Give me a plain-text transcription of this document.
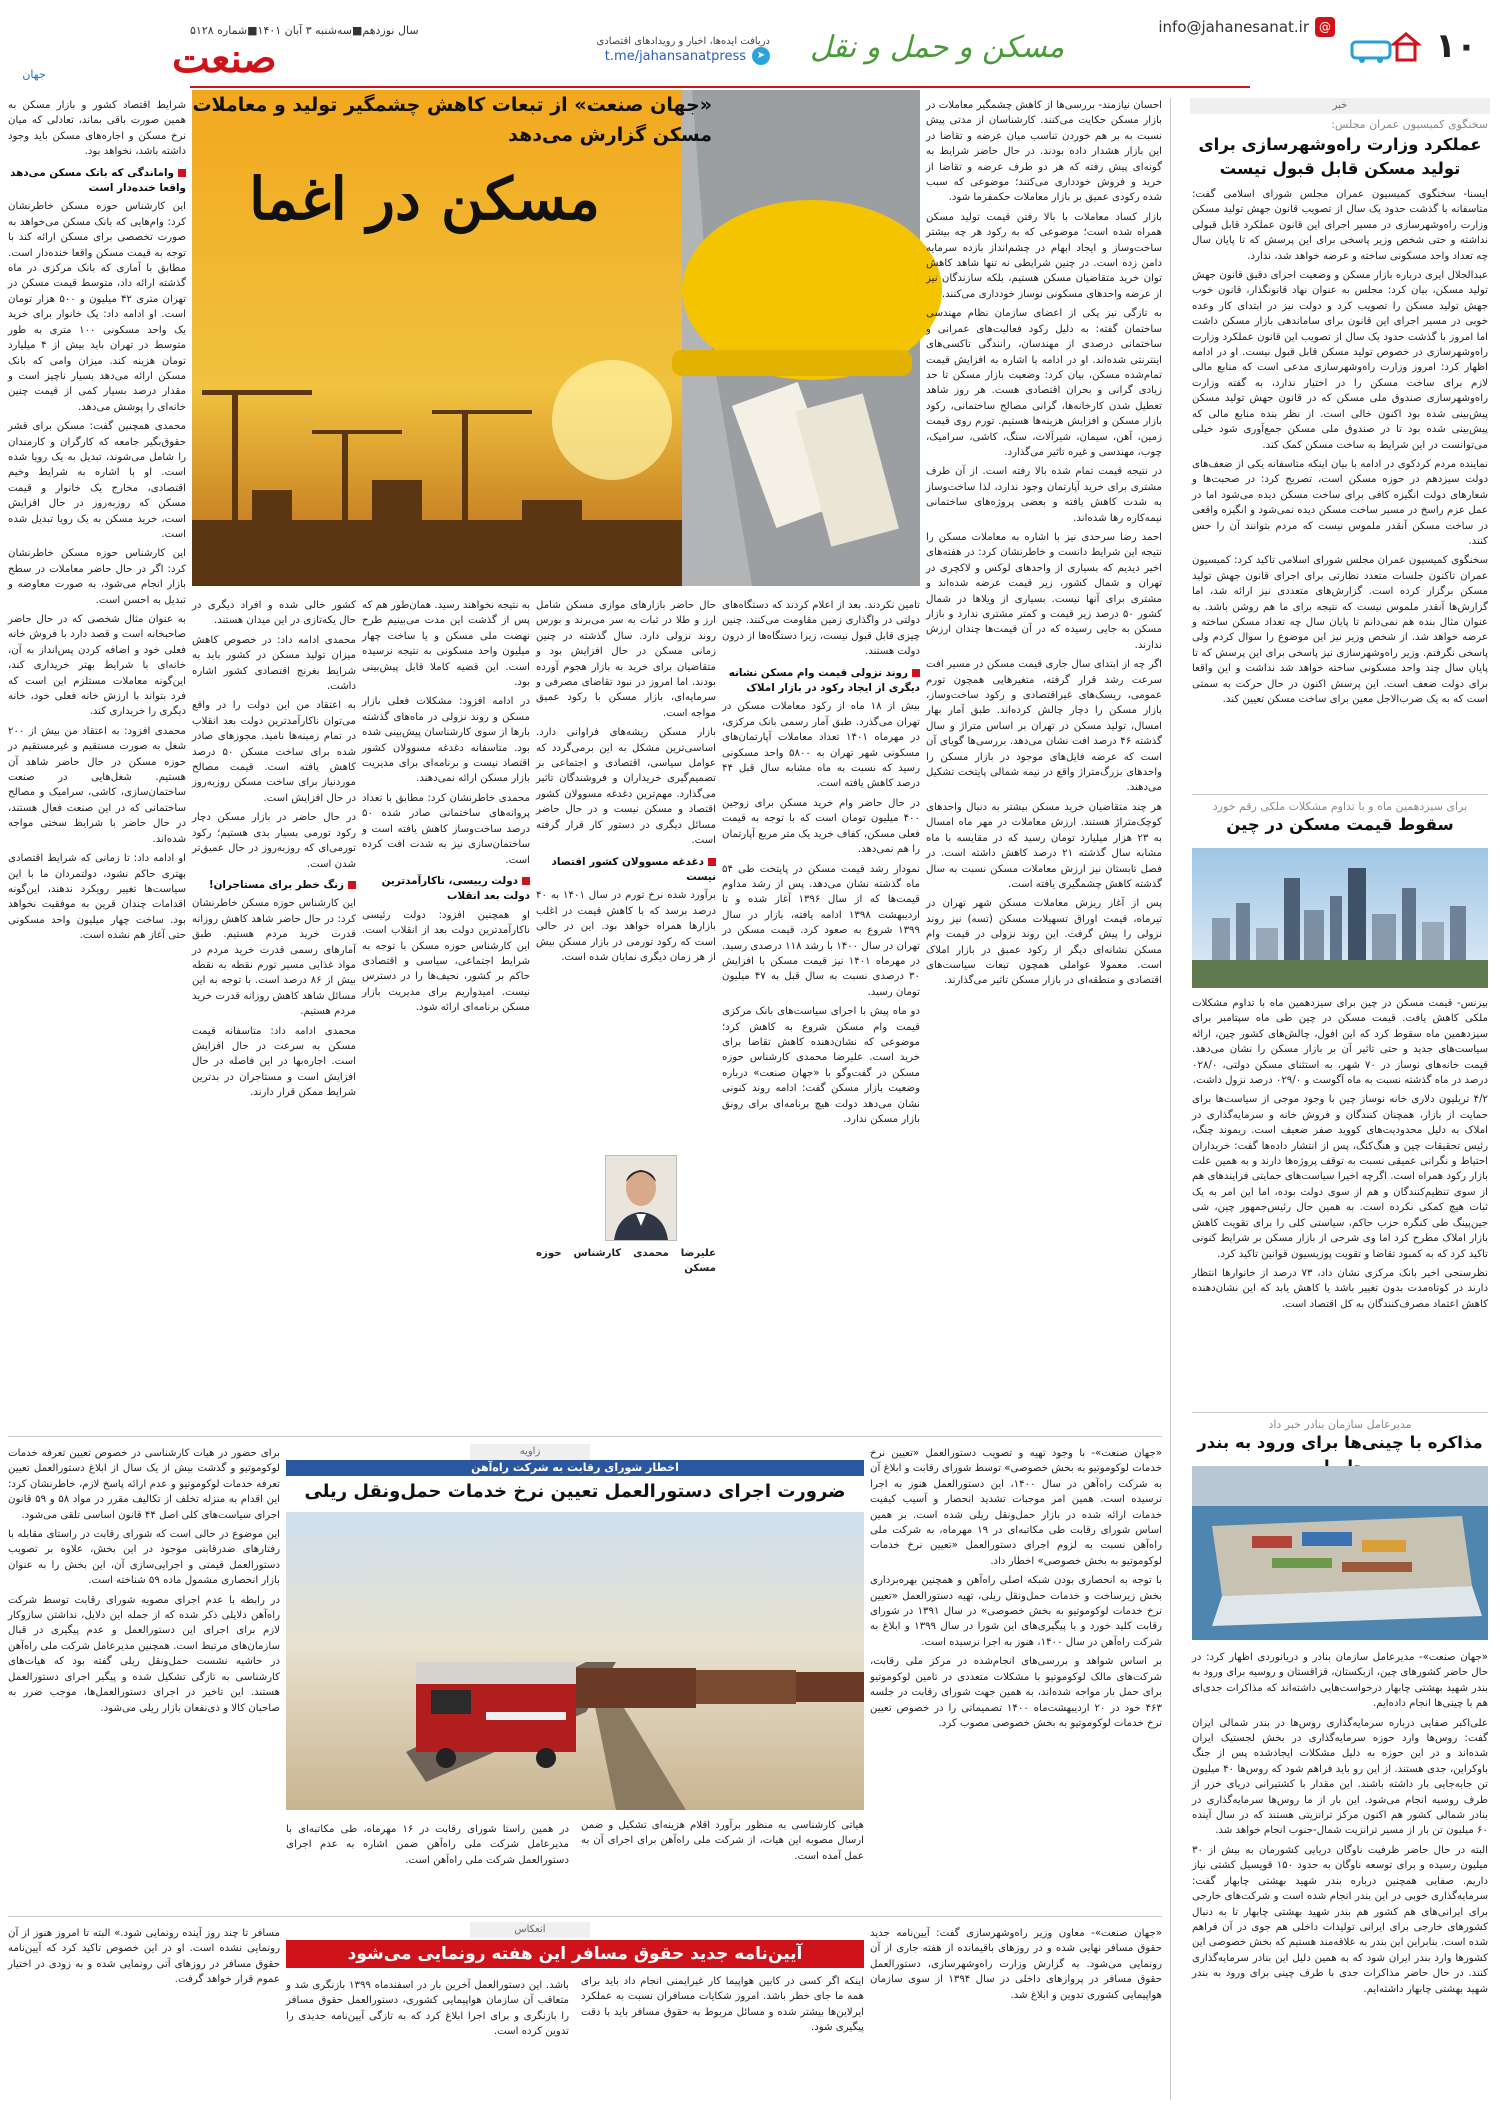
۱۰
info@jahanesanat.ir @
مسکن و حمل و نقل
دریافت ایده‌ها، اخبار و رویدادهای اقتصادی
t.me/jahansanatpress	➤
سال نوزدهم■سه‌شنبه ۳ آبان ۱۴۰۱■شماره ۵۱۲۸
صنعت
جهان
خبر
سخنگوی کمیسیون عمران مجلس:
عملکرد وزارت راه‌وشهرسازی برای تولید مسکن قابل قبول نیست
ایسنا- سخنگوی کمیسیون عمران مجلس شورای اسلامی گفت: متاسفانه با گذشت حدود یک سال از تصویب قانون جهش تولید مسکن وزارت راه‌وشهرسازی در مسیر اجرای این قانون عملکرد قابل قبولی نداشته و حتی شخص وزیر پاسخی برای این پرسش که تا پایان سال چه تعداد واحد مسکونی ساخته و عرضه خواهد شد، ندارد.
عبدالجلال ایری درباره بازار مسکن و وضعیت اجرای دقیق قانون جهش تولید مسکن، بیان کرد: مجلس به عنوان نهاد قانونگذار، قانون خوب جهش تولید مسکن را تصویب کرد و دولت نیز در ابتدای کار وعده خوبی در مسیر اجرای این قانون برای ساماندهی بازار مسکن داشت اما امروز با گذشت حدود یک سال از تصویب این قانون عملکرد وزارت راه‌وشهرسازی در خصوص تولید مسکن قابل قبول نیست. او در ادامه اظهار کرد: امروز وزارت راه‌وشهرسازی مدعی است که منابع مالی لازم برای ساخت مسکن را در اختیار ندارد، به گفته وزارت راه‌وشهرسازی صندوق ملی مسکن که در قانون جهش تولید مسکن پیش‌بینی شده بود اکنون خالی است. از نظر بنده منابع مالی که پیش‌بینی شده بود تا در صندوق ملی مسکن جمع‌آوری شود خیلی می‌توانست در این شرایط به ساخت مسکن کمک کند.
نماینده مردم کردکوی در ادامه با بیان اینکه متاسفانه یکی از ضعف‌های دولت سیزدهم در حوزه مسکن است، تصریح کرد: در صحبت‌ها و شعارهای دولت انگیزه کافی برای ساخت مسکن دیده می‌شود اما در عمل عزم راسخ در مسیر ساخت مسکن دیده نمی‌شود و انگیزه واقعی در ساخت مسکن آنقدر ملموس نیست که مردم بتوانند آن را حس کنند.
سخنگوی کمیسیون عمران مجلس شورای اسلامی تاکید کرد: کمیسیون عمران تاکنون جلسات متعدد نظارتی برای اجرای قانون جهش تولید مسکن برگزار کرده است. گزارش‌های متعددی نیز ارائه شد، اما گزارش‌ها آنقدر ملموس نیست که نتیجه برای ما هم روشن باشد. به عنوان مثال بنده هم نمی‌دانم تا پایان سال چه تعداد مسکن ساخته و عرضه خواهد شد. از شخص وزیر نیز این موضوع را سوال کردم ولی پاسخی نگرفتم. وزیر راه‌وشهرسازی نیز پاسخی برای این پرسش که تا پایان سال چند واحد مسکونی ساخته خواهد شد نداشت و این واقعا برای دولت ضعف است. این پرسش اکنون در حال حرکت به سمتی است که به یک ضرب‌الاجل معین برای ساخت مسکن تعیین کند.
برای سیزدهمین ماه و با تداوم مشکلات ملکی رقم خورد
سقوط قیمت مسکن در چین
بیزنس- قیمت مسکن در چین برای سیزدهمین ماه با تداوم مشکلات ملکی کاهش یافت. قیمت مسکن در چین طی ماه سپتامبر برای سیزدهمین ماه سقوط کرد که این افول، چالش‌های کشور چین، ارائه سیاست‌های جدید و حتی تاثیر آن بر بازار مسکن را نشان می‌دهد. قیمت خانه‌های نوساز در ۷۰ شهر، به استثنای مسکن دولتی، ۰۲۸/۰ درصد در ماه گذشته نسبت به ماه آگوست و ۰۲۹/۰ درصد نزول داشت.
۴/۲ تریلیون دلاری خانه نوساز چین با وجود موجی از سیاست‌ها برای حمایت از بازار، همچنان کنندگان و فروش خانه و سرمایه‌گذاری در املاک به دلیل محدودیت‌های کووید صفر ضعیف است. ریموند چنگ، رئیس تحقیقات چین و هنگ‌کنگ، پس از انتشار داده‌ها گفت: خریداران احتیاط و نگرانی عمیقی نسبت به توقف پروژه‌ها دارند و به همین علت بازار رکود همراه است. اگرچه اخیرا سیاست‌های حمایتی فرایندهای هم از سوی تنظیم‌کنندگان و هم از سوی دولت بوده، اما این امر به یک ثبات هیچ کمکی نکرده است. به همین حال رئیس‌جمهور چین، شی جین‌پینگ طی کنگره حزب حاکم، سیاستی کلی را برای تقویت کاهش بازار املاک مطرح کرد اما وی شرحی از بازار مسکن بر شرایط کنونی تاکید کرد که به کمبود تقاضا و تقویت پوزیسیون قوانین تاکید کرد.
نظرسنجی اخیر بانک مرکزی نشان داد، ۷۳ درصد از خانوارها انتظار دارند در کوتاه‌مدت بدون تغییر باشد یا کاهش یابد که این نشان‌دهنده کاهش اعتماد مصرف‌کنندگان به کل اقتصاد است.
مدیرعامل سازمان بنادر خبر داد
مذاکره با چینی‌ها برای ورود به بندر
«جهان صنعت»- مدیرعامل سازمان بنادر و دریانوردی اظهار کرد: در حال حاضر کشورهای چین، ازبکستان، قزاقستان و روسیه برای ورود به بندر شهید بهشتی چابهار درخواست‌هایی داشته‌اند که مذاکرات جدی‌ای هم با چینی‌ها انجام داده‌ایم.
علی‌اکبر صفایی درباره سرمایه‌گذاری روس‌ها در بندر شمالی ایران گفت: روس‌ها وارد حوزه سرمایه‌گذاری در بخش لجستیک ایران شده‌اند و در این حوزه به دلیل مشکلات ایجادشده پس از جنگ باوکراین، جدی هستند. از این رو باید فراهم شود که روس‌ها ۴۰ میلیون تن جابه‌جایی بار داشته باشند. این مقدار با کشتیرانی دریای خزر از طرف روسیه انجام می‌شود. این بار از ما روس‌ها سرمایه‌گذاری در بنادر شمالی کشور هم اکنون مرکز ترانزیتی هستند که در سال آینده ۶۰ میلیون تن بار از مسیر ترانزیت شمال-جنوب انجام خواهد شد.
البته در حال حاضر ظرفیت ناوگان دریایی کشورمان به بیش از ۳۰ میلیون رسیده و برای توسعه ناوگان به حدود ۱۵۰ قویسیل کشتی نیاز داریم. صفایی همچنین درباره بندر شهید بهشتی چابهار گفت: سرمایه‌گذاری خوبی در این بندر انجام شده است و شرکت‌های خارجی برای ایرانی‌های هم کشور هم بندر شهید بهشتی چابهار تا به دنبال کشورهای خارجی برای ایرانی تولیدات داخلی هم جوی در آن فراهم شده است. بنابراین این بندر به علاقه‌مند هستیم که بخش خصوصی این کشورها وارد بندر ایران شود که به همین دلیل این بنادر سرمایه‌گذاری کنند. در حال حاضر مذاکرات جدی با طرف چینی برای ورود به بندر شهید بهشتی چابهار داشته‌ایم.
«جهان صنعت» از تبعات کاهش چشمگیر تولید و معاملات مسکن گزارش می‌دهد
مسکن در اغما
احسان نیازمند- بررسی‌ها از کاهش چشمگیر معاملات در بازار مسکن حکایت می‌کنند. کارشناسان از مدتی پیش نسبت به بر هم خوردن تناسب میان عرضه و تقاضا در این بازار هشدار داده بودند. در حال حاضر شرایط به گونه‌ای پیش رفته که هر دو طرف عرضه و تقاضا از خرید و فروش خودداری می‌کنند؛ موضوعی که سبب شده رکودی عمیق بر بازار معاملات حکمفرما شود.
بازار کساد معاملات با بالا رفتن قیمت تولید مسکن همراه شده است؛ موضوعی که به رکود هر چه بیشتر ساخت‌وساز و ایجاد ابهام در چشم‌انداز بازده سرمایه دامن زده است. در چنین شرایطی نه تنها شاهد کاهش توان خرید متقاضیان مسکن هستیم، بلکه سازندگان نیز از عرضه واحدهای مسکونی نوساز خودداری می‌کنند.
به تازگی نیز یکی از اعضای سازمان نظام مهندسی ساختمان گفته: به دلیل رکود فعالیت‌های عمرانی و ساختمانی درصدی از مهندسان، رانندگی تاکسی‌های اینترنتی شده‌اند. او در ادامه با اشاره به افزایش قیمت تمام‌شده مسکن، بیان کرد: وضعیت بازار مسکن تا حد زیادی گرانی و بحران اقتصادی هست. هر روز شاهد تعطیل شدن کارخانه‌ها، گرانی مصالح ساختمانی، رکود بازار مسکن و افزایش هزینه‌ها هستیم. تورم روی قیمت زمین، آهن، سیمان، شیرآلات، سنگ، کاشی، سرامیک، چوب، مهندسی و غیره تاثیر می‌گذارد.
در نتیجه قیمت تمام شده بالا رفته است. از آن طرف مشتری برای خرید آپارتمان وجود ندارد، لذا ساخت‌وساز به شدت کاهش یافته و بعضی پروژه‌های ساختمانی نیمه‌کاره رها شده‌اند.
احمد رضا سرحدی نیز با اشاره به معاملات مسکن را نتیجه این شرایط دانست و خاطرنشان کرد: در هفته‌های اخیر دیدیم که بسیاری از واحدهای لوکس و لاکچری در تهران و شمال کشور، زیر قیمت عرضه شده‌اند و مشتری برای آنها نیست. بسیاری از ویلاها در شمال کشور ۵۰ درصد زیر قیمت و کمتر مشتری ندارد و بازار مسکن به جایی رسیده که در آن قیمت‌ها چندان ارزش ندارند.
اگر چه از ابتدای سال جاری قیمت مسکن در مسیر افت سرعت رشد قرار گرفته، متغیرهایی همچون تورم عمومی، ریسک‌های غیراقتصادی و رکود ساخت‌وساز، بازار مسکن را دچار چالش کرده‌اند. طبق آمار بهار امسال، تولید مسکن در تهران بر اساس متراژ و سال گذشته ۴۶ درصد افت نشان می‌دهد. بررسی‌ها گویای آن است که عرضه فایل‌های موجود در بازار مسکن را واحدهای بزرگ‌متراژ واقع در نیمه شمالی پایتخت تشکیل می‌دهند.
هر چند متقاضیان خرید مسکن بیشتر به دنبال واحدهای کوچک‌متراژ هستند. ارزش معاملات در مهر ماه امسال به ۲۳ هزار میلیارد تومان رسید که در مقایسه با ماه مشابه سال گذشته ۲۱ درصد کاهش داشته است. در فصل تابستان نیز ارزش معاملات مسکن نسبت به سال گذشته کاهش چشمگیری یافته است.
پس از آغاز ریزش معاملات مسکن شهر تهران در تیرماه، قیمت اوراق تسهیلات مسکن (تسه) نیز روند نزولی را پیش گرفت. این روند نزولی در قیمت وام مسکن نشانه‌ای دیگر از رکود عمیق در بازار املاک است. معمولا عواملی همچون تبعات سیاست‌های اقتصادی و منطقه‌ای در بازار مسکن تاثیر می‌گذارند.
تامین نکردند. بعد از اعلام کردند که دستگاه‌های دولتی در واگذاری زمین مقاومت می‌کنند. چنین چیزی قابل قبول نیست، زیرا دستگاه‌ها از درون دولت هستند.
روند نزولی قیمت وام مسکن نشانه دیگری از ایجاد رکود در بازار املاک
بیش از ۱۸ ماه از رکود معاملات مسکن در تهران می‌گذرد. طبق آمار رسمی بانک مرکزی، در مهرماه ۱۴۰۱ تعداد معاملات آپارتمان‌های مسکونی شهر تهران به ۵۸۰۰ واحد مسکونی رسید که نسبت به ماه مشابه سال قبل ۴۴ درصد کاهش یافته است.
در حال حاضر وام خرید مسکن برای زوجین ۴۰۰ میلیون تومان است که با توجه به قیمت فعلی مسکن، کفاف خرید یک متر مربع آپارتمان را هم نمی‌دهد.
نمودار رشد قیمت مسکن در پایتخت طی ۵۴ ماه گذشته نشان می‌دهد. پس از رشد مداوم قیمت‌ها که از سال ۱۳۹۶ آغاز شده و تا اردیبهشت ۱۳۹۸ ادامه یافته، بازار در سال ۱۳۹۹ شروع به صعود کرد. قیمت مسکن در تهران در سال ۱۴۰۰ با رشد ۱۱۸ درصدی رسید. در مهرماه ۱۴۰۱ نیز قیمت مسکن با افزایش ۳۰ درصدی نسبت به سال قبل به ۴۷ میلیون تومان رسید.
دو ماه پیش با اجرای سیاست‌های بانک مرکزی قیمت وام مسکن شروع به کاهش کرد؛ موضوعی که نشان‌دهنده کاهش تقاضا برای خرید است. علیرضا محمدی کارشناس حوزه مسکن در گفت‌وگو با «جهان صنعت» درباره وضعیت بازار مسکن گفت: ادامه روند کنونی نشان می‌دهد دولت هیچ برنامه‌ای برای رونق بازار مسکن ندارد.
حال حاضر بازارهای موازی مسکن شامل ارز و طلا در ثبات به سر می‌برند و بورس روند نزولی دارد. سال گذشته در چنین زمانی مسکن در حال افزایش بود و متقاضیان برای خرید به بازار هجوم آورده بودند. اما امروز در نبود تقاضای مصرفی و سرمایه‌ای، بازار مسکن با رکود عمیق مواجه است.
بازار مسکن ریشه‌های فراوانی دارد. اساسی‌ترین مشکل به این برمی‌گردد که عوامل سیاسی، اقتصادی و اجتماعی بر تصمیم‌گیری خریداران و فروشندگان تاثیر می‌گذارد. مهم‌ترین دغدغه مسوولان کشور اقتصاد و مسکن نیست و در حال حاضر مسائل دیگری در دستور کار قرار گرفته است.
دغدغه مسوولان کشور اقتصاد نیست
برآورد شده نرخ تورم در سال ۱۴۰۱ به ۴۰ درصد برسد که با کاهش قیمت در اغلب بازارها همراه خواهد بود. این در حالی است که رکود تورمی در بازار مسکن بیش از هر زمان دیگری نمایان شده است.
علیرضا محمدی کارشناس حوزه مسکن
به نتیجه نخواهند رسید. همان‌طور هم که پس از گذشت این مدت می‌بینیم طرح نهضت ملی مسکن و یا ساخت چهار میلیون واحد مسکونی به نتیجه نرسیده است. این قضیه کاملا قابل پیش‌بینی بود.
در ادامه افزود: مشکلات فعلی بازار مسکن و روند نزولی در ماه‌های گذشته بارها از سوی کارشناسان پیش‌بینی شده بود. متاسفانه دغدغه مسوولان کشور اقتصاد نیست و برنامه‌ای برای مدیریت بازار مسکن ارائه نمی‌دهند.
محمدی خاطرنشان کرد: مطابق با تعداد پروانه‌های ساختمانی صادر شده ۵۰ درصد ساخت‌وساز کاهش یافته است و ساختمان‌سازی نیز به شدت افت کرده است.
دولت رییسی، ناکارآمدترین دولت بعد انقلاب
او همچنین افزود: دولت رئیسی ناکارآمدترین دولت بعد از انقلاب است. این کارشناس حوزه مسکن با توجه به شرایط اجتماعی، سیاسی و اقتصادی حاکم بر کشور، نحیف‌ها را در دسترس نیست. امیدواریم برای مدیریت بازار مسکن برنامه‌ای ارائه شود.
کشور خالی شده و افراد دیگری در حال یکه‌تازی در این میدان هستند.
محمدی ادامه داد: در خصوص کاهش میزان تولید مسکن در کشور باید به شرایط بغرنج اقتصادی کشور اشاره داشت.
به اعتقاد من این دولت را در واقع می‌توان ناکارآمدترین دولت بعد انقلاب در تمام زمینه‌ها نامید. مجوزهای صادر شده برای ساخت مسکن ۵۰ درصد کاهش یافته است. قیمت مصالح موردنیاز برای ساخت مسکن روزبه‌روز در حال افزایش است.
در حال حاضر در بازار مسکن دچار رکود تورمی بسیار بدی هستیم؛ رکود تورمی‌ای که روزبه‌روز در حال عمیق‌تر شدن است.
زنگ خطر برای مستاجران!
این کارشناس حوزه مسکن خاطرنشان کرد: در حال حاضر شاهد کاهش روزانه قدرت خرید مردم هستیم. طبق آمارهای رسمی قدرت خرید مردم در مواد غذایی مسیر تورم نقطه به نقطه بیش از ۸۶ درصد است. با توجه به این مسائل شاهد کاهش روزانه قدرت خرید مردم هستیم.
محمدی ادامه داد: متاسفانه قیمت مسکن به سرعت در حال افزایش است. اجاره‌بها در این فاصله در حال افزایش است و مستاجران در بدترین شرایط ممکن قرار دارند.
شرایط اقتصاد کشور و بازار مسکن به همین صورت باقی بماند، تعادلی که میان نرخ مسکن و اجاره‌های مسکن باید وجود داشته باشد، نخواهد بود.
واماندگی که بانک مسکن می‌دهد واقعا خنده‌دار است
این کارشناس حوزه مسکن خاطرنشان کرد: وام‌هایی که بانک مسکن می‌خواهد به صورت تخصصی برای مسکن ارائه کند با توجه به قیمت مسکن واقعا خنده‌دار است. مطابق با آماری که بانک مرکزی در ماه گذشته ارائه داد، متوسط قیمت مسکن در تهران متری ۴۲ میلیون و ۵۰۰ هزار تومان است. او ادامه داد: یک خانوار برای خرید یک واحد مسکونی ۱۰۰ متری به طور متوسط در تهران باید بیش از ۴ میلیارد تومان هزینه کند. میزان وامی که بانک مسکن ارائه می‌دهد بسیار ناچیز است و مقدار درصد بسیار کمی از قیمت چنین خانه‌ای را پوشش می‌دهد.
محمدی همچنین گفت: مسکن برای قشر حقوق‌بگیر جامعه که کارگران و کارمندان را شامل می‌شوند، تبدیل به یک رویا شده است. او با اشاره به شرایط وخیم اقتصادی، مخارج یک خانوار و قیمت مسکن که روزبه‌روز در حال افزایش است، خرید مسکن به یک رویا تبدیل شده است.
این کارشناس حوزه مسکن خاطرنشان کرد: اگر در حال حاضر معاملات در سطح بازار انجام می‌شود، به صورت معاوضه و تبدیل به احسن است.
به عنوان مثال شخصی که در حال حاضر صاحبخانه است و قصد دارد با فروش خانه فعلی خود و اضافه کردن پس‌انداز به آن، خانه‌ای با شرایط بهتر خریداری کند، این‌گونه معاملات مستلزم این است که فرد بتواند با ارزش خانه فعلی خود، خانه دیگری را خریداری کند.
محمدی افزود: به اعتقاد من بیش از ۲۰۰ شغل به صورت مستقیم و غیرمستقیم در حوزه مسکن در حال حاضر شاهد آن هستیم. شغل‌هایی در صنعت ساختمان‌سازی، کاشی، سرامیک و مصالح ساختمانی که در این صنعت فعال هستند، در حال حاضر با شرایط سختی مواجه شده‌اند.
او ادامه داد: تا زمانی که شرایط اقتصادی بهتری حاکم نشود، دولتمردان ما با این سیاست‌ها تغییر رویکرد ندهند، این‌گونه اقدامات چندان قرین به موفقیت نخواهد بود. ساخت چهار میلیون واحد مسکونی حتی آغاز هم نشده است.
زاویه	«جهان صنعت»- با وجود تهیه و تصویب دستورالعمل «تعیین نرخ خدمات لوکوموتیو به بخش خصوصی» توسط شورای رقابت و ابلاغ آن به شرکت راه‌آهن در سال ۱۴۰۰، این دستورالعمل هنوز به اجرا نرسیده است. همین امر موجبات تشدید انحصار و آسیب کیفیت خدمات ارائه شده در بازار حمل‌ونقل ریلی شده است. بر همین اساس شورای رقابت طی مکاتبه‌ای در ۱۹ مهرماه، به شرکت ملی راه‌آهن نسبت به لزوم اجرای دستورالعمل «تعیین نرخ خدمات لوکوموتیو به بخش خصوصی» اخطار داد.
با توجه به انحصاری بودن شبکه اصلی راه‌آهن و همچنین بهره‌برداری بخش زیرساخت و خدمات حمل‌ونقل ریلی، تهیه دستورالعمل «تعیین نرخ خدمات لوکوموتیو به بخش خصوصی» در سال ۱۳۹۱ در شورای رقابت کلید خورد و با پیگیری‌های این شورا در سال ۱۳۹۹ و ابلاغ به شرکت راه‌آهن در سال ۱۴۰۰، هنوز به اجرا نرسیده است.
بر اساس شواهد و بررسی‌های انجام‌شده در مرکز ملی رقابت، شرکت‌های مالک لوکوموتیو با مشکلات متعددی در تامین لوکوموتیو برای حمل بار مواجه شده‌اند، به همین جهت شورای رقابت در جلسه ۴۶۳ خود در ۲۰ اردیبهشت‌ماه ۱۴۰۰ تصمیماتی را در خصوص تعیین نرخ خدمات لوکوموتیو به بخش خصوصی مصوب کرد.
اخطار شورای رقابت به شرکت راه‌آهن
ضرورت اجرای دستورالعمل تعیین نرخ خدمات حمل‌ونقل ریلی
هیاتی کارشناسی به منظور برآورد اقلام هزینه‌ای تشکیل و ضمن ارسال مصوبه این هیات، از شرکت ملی راه‌آهن برای اجرای آن به عمل آمده است.
در همین راستا شورای رقابت در ۱۶ مهرماه، طی مکاتبه‌ای با مدیرعامل شرکت ملی راه‌آهن ضمن اشاره به عدم اجرای دستورالعمل شرکت ملی راه‌آهن است.
برای حضور در هیات کارشناسی در خصوص تعیین تعرفه خدمات لوکوموتیو و گذشت بیش از یک سال از ابلاغ دستورالعمل تعیین تعرفه خدمات لوکوموتیو و عدم ارائه پاسخ لازم، خاطرنشان کرد: این اقدام به منزله تخلف از تکالیف مقرر در مواد ۵۸ و ۵۹ قانون اجرای سیاست‌های کلی اصل ۴۴ قانون اساسی تلقی می‌شود.
این موضوع در حالی است که شورای رقابت در راستای مقابله با رفتارهای ضدرقابتی موجود در این بخش، علاوه بر تصویب دستورالعمل قیمتی و اجرایی‌سازی آن، این بخش را به عنوان بازار انحصاری مشمول ماده ۵۹ شناخته است.
در رابطه با عدم اجرای مصوبه شورای رقابت توسط شرکت راه‌آهن دلایلی ذکر شده که از جمله این دلایل، نداشتن سازوکار لازم برای اجرای این دستورالعمل و عدم پیگیری در قبال سازمان‌های مرتبط است. همچنین مدیرعامل شرکت ملی راه‌آهن در حاشیه نشست حمل‌ونقل ریلی گفته بود که هیات‌های کارشناسی به تازگی تشکیل شده و پیگیر اجرای دستورالعمل هستند. این تاخیر در اجرای دستورالعمل‌ها، موجب ضرر به صاحبان کالا و ذی‌نفعان بازار ریلی می‌شود.
انعکاس	«جهان صنعت»- معاون وزیر راه‌وشهرسازی گفت: آیین‌نامه جدید حقوق مسافر نهایی شده و در روزهای باقیمانده از هفته جاری از آن رونمایی می‌شود. به گزارش وزارت راه‌وشهرسازی، دستورالعمل حقوق مسافر در پروازهای داخلی در سال ۱۳۹۴ از سوی سازمان هواپیمایی کشوری تدوین و ابلاغ شد.
آیین‌نامه جدید حقوق مسافر این هفته رونمایی می‌شود
اینکه اگر کسی در کابین هواپیما کار غیرایمنی انجام داد باید برای همه ما جای خطر باشد. امروز شکایات مسافران نسبت به عملکرد ایرلاین‌ها بیشتر شده و مسائل مربوط به حقوق مسافر باید با دقت پیگیری شود.
باشد. این دستورالعمل آخرین بار در اسفندماه ۱۳۹۹ بازنگری شد و متعاقب آن سازمان هواپیمایی کشوری، دستورالعمل حقوق مسافر را بازنگری و برای اجرا ابلاغ کرد که به تازگی آیین‌نامه جدیدی را تدوین کرده است.
مسافر تا چند روز آینده رونمایی شود.» البته تا امروز هنوز از آن رونمایی نشده است. او در این خصوص تاکید کرد که آیین‌نامه حقوق مسافر در روزهای آتی رونمایی شده و به زودی در اختیار عموم قرار خواهد گرفت.
